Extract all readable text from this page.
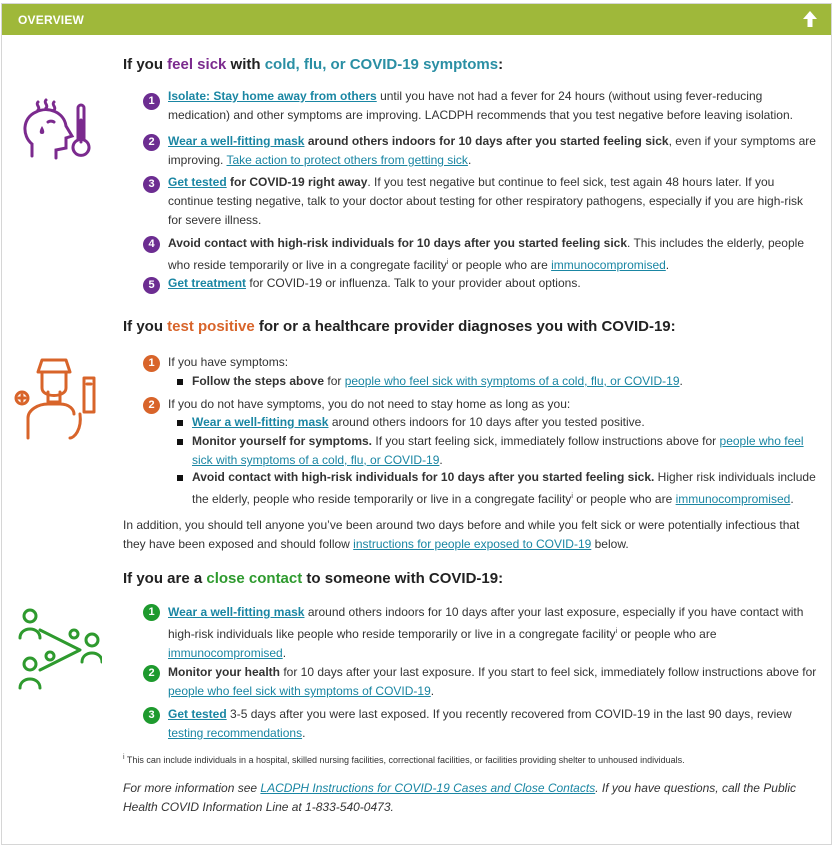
OVERVIEW
If you feel sick with cold, flu, or COVID-19 symptoms:
1	Isolate: Stay home away from others until you have not had a fever for 24 hours (without using fever-reducing medication) and other symptoms are improving. LACDPH recommends that you test negative before leaving isolation.
2	Wear a well-fitting mask around others indoors for 10 days after you started feeling sick, even if your symptoms are improving. Take action to protect others from getting sick.
3	Get tested for COVID-19 right away. If you test negative but continue to feel sick, test again 48 hours later. If you continue testing negative, talk to your doctor about testing for other respiratory pathogens, especially if you are high-risk for severe illness.
4	Avoid contact with high-risk individuals for 10 days after you started feeling sick. This includes the elderly, people who reside temporarily or live in a congregate facility$^i$ or people who are immunocompromised.
5	Get treatment for COVID-19 or influenza. Talk to your provider about options.
If you test positive for or a healthcare provider diagnoses you with COVID-19:
1	If you have symptoms:
Follow the steps above for people who feel sick with symptoms of a cold, flu, or COVID-19.
2	If you do not have symptoms, you do not need to stay home as long as you:
Wear a well-fitting mask around others indoors for 10 days after you tested positive.
Monitor yourself for symptoms. If you start feeling sick, immediately follow instructions above for people who feel sick with symptoms of a cold, flu, or COVID-19.
Avoid contact with high-risk individuals for 10 days after you started feeling sick. Higher risk individuals include the elderly, people who reside temporarily or live in a congregate facility$^i$ or people who are immunocompromised.
In addition, you should tell anyone you’ve been around two days before and while you felt sick or were potentially infectious that they have been exposed and should follow instructions for people exposed to COVID-19 below.
If you are a close contact to someone with COVID-19:
1	Wear a well-fitting mask around others indoors for 10 days after your last exposure, especially if you have contact with high-risk individuals like people who reside temporarily or live in a congregate facility$^i$ or people who are immunocompromised.
2	Monitor your health for 10 days after your last exposure. If you start to feel sick, immediately follow instructions above for people who feel sick with symptoms of COVID-19.
3	Get tested 3-5 days after you were last exposed. If you recently recovered from COVID-19 in the last 90 days, review testing recommendations.
$^i$ This can include individuals in a hospital, skilled nursing facilities, correctional facilities, or facilities providing shelter to unhoused individuals.
For more information see LACDPH Instructions for COVID-19 Cases and Close Contacts. If you have questions, call the Public Health COVID Information Line at 1-833-540-0473.
